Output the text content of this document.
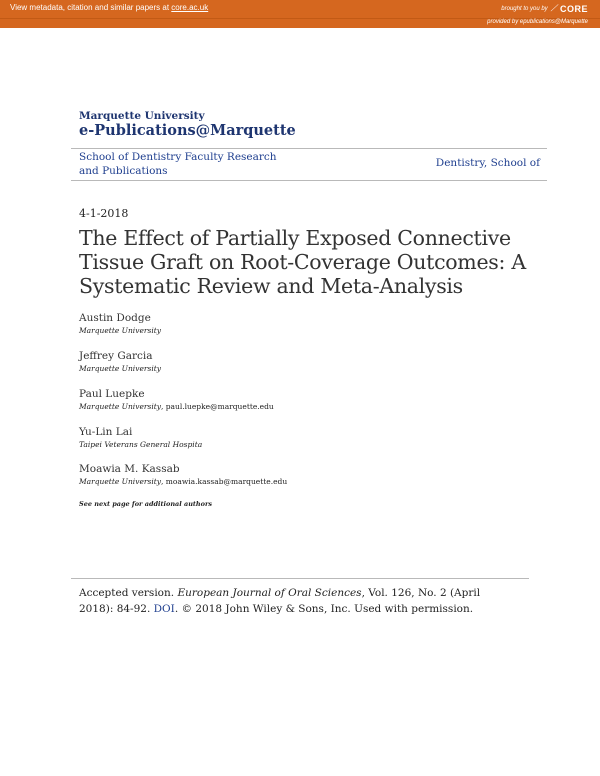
View metadata, citation and similar papers at core.ac.uk	brought to you by ⟋ CORE
provided by epublications@Marquette
Marquette University
e-Publications@Marquette
School of Dentistry Faculty Research and Publications
Dentistry, School of
4-1-2018
The Effect of Partially Exposed Connective Tissue Graft on Root-Coverage Outcomes: A Systematic Review and Meta-Analysis
Austin Dodge
Marquette University
Jeffrey Garcia
Marquette University
Paul Luepke
Marquette University, paul.luepke@marquette.edu
Yu-Lin Lai
Taipei Veterans General Hospita
Moawia M. Kassab
Marquette University, moawia.kassab@marquette.edu
See next page for additional authors
Accepted version. European Journal of Oral Sciences, Vol. 126, No. 2 (April 2018): 84-92. DOI. © 2018 John Wiley & Sons, Inc. Used with permission.
